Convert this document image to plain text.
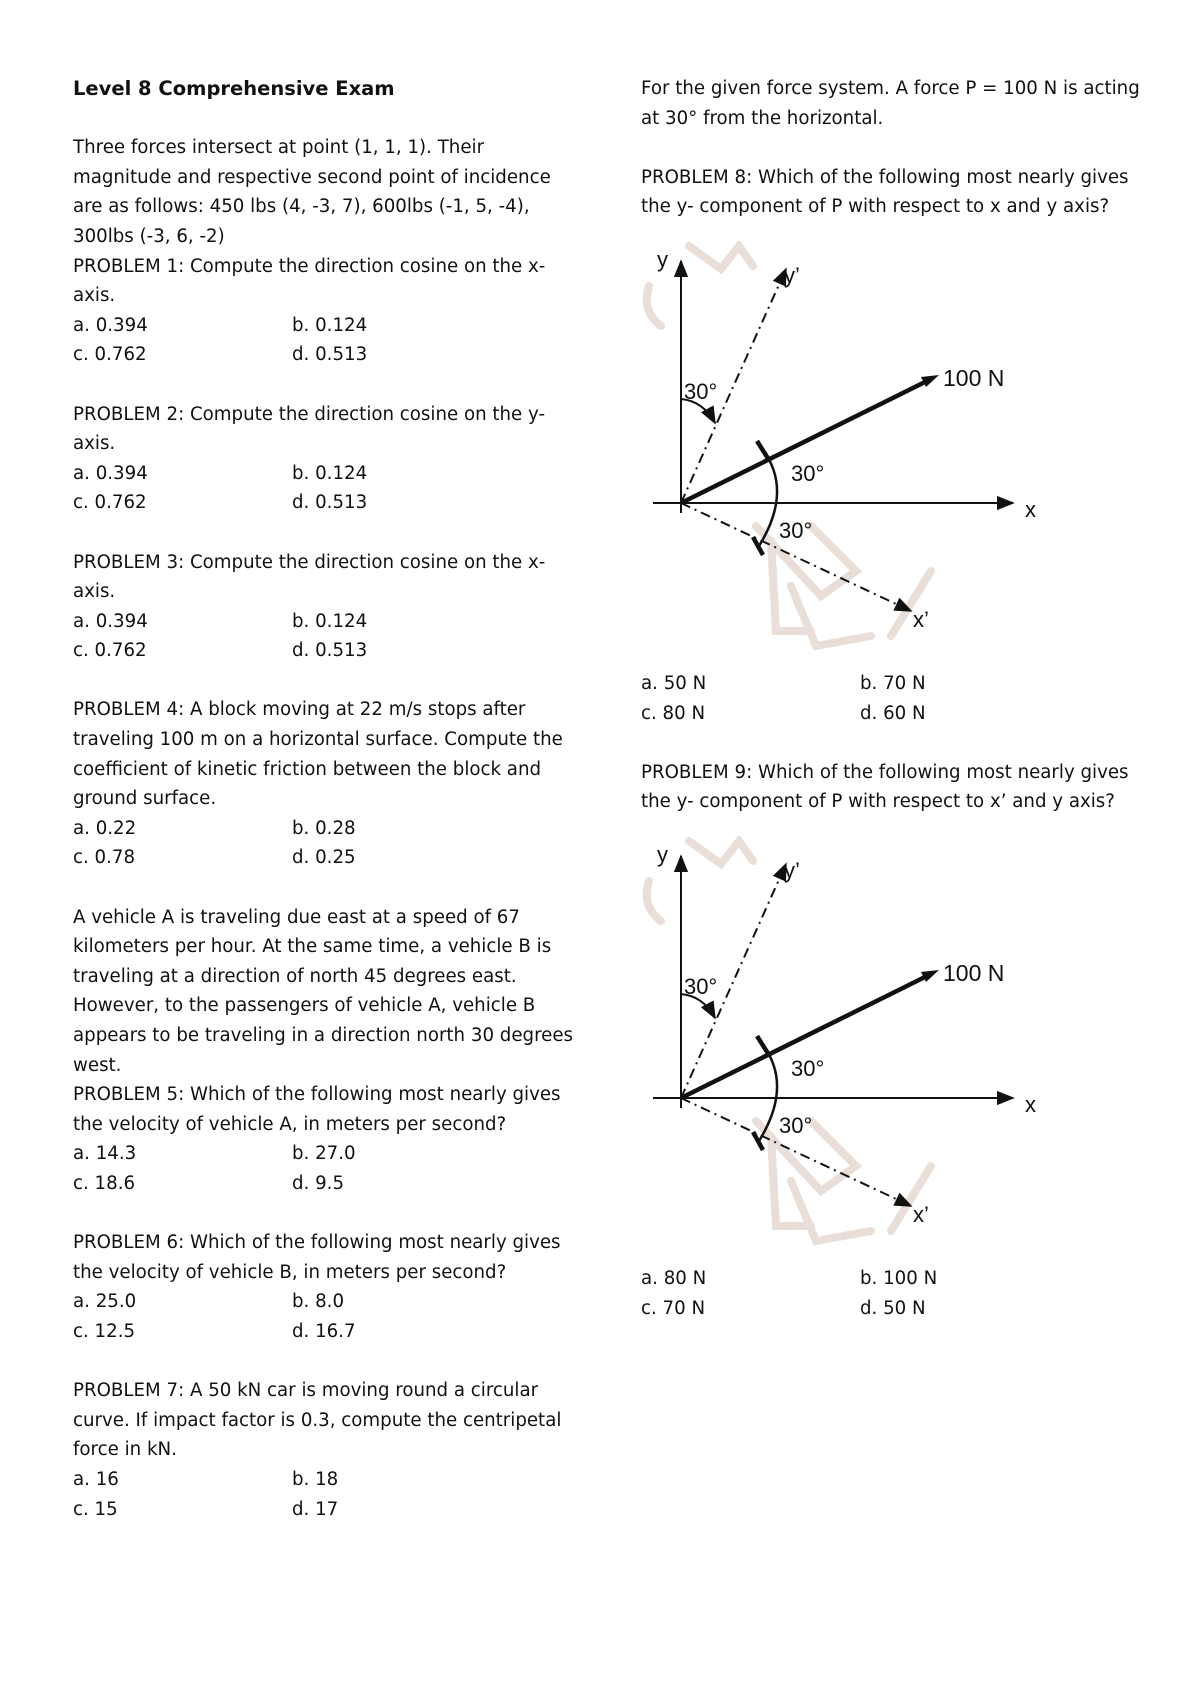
Level 8 Comprehensive Exam

Three forces intersect at point (1, 1, 1). Their magnitude and respective second point of incidence are as follows: 450 lbs (4, -3, 7), 600lbs (-1, 5, -4), 300lbs (-3, 6, -2)

PROBLEM 1: Compute the direction cosine on the x-axis.

a. 0.394	b. 0.124
c. 0.762	d. 0.513

PROBLEM 2: Compute the direction cosine on the y-axis.

a. 0.394	b. 0.124
c. 0.762	d. 0.513

PROBLEM 3: Compute the direction cosine on the x-axis.

a. 0.394	b. 0.124
c. 0.762	d. 0.513

PROBLEM 4: A block moving at 22 m/s stops after traveling 100 m on a horizontal surface. Compute the coefficient of kinetic friction between the block and ground surface.

a. 0.22	b. 0.28
c. 0.78	d. 0.25

A vehicle A is traveling due east at a speed of 67 kilometers per hour. At the same time, a vehicle B is traveling at a direction of north 45 degrees east. However, to the passengers of vehicle A, vehicle B appears to be traveling in a direction north 30 degrees west.

PROBLEM 5: Which of the following most nearly gives the velocity of vehicle A, in meters per second?

a. 14.3	b. 27.0
c. 18.6	d. 9.5

PROBLEM 6: Which of the following most nearly gives the velocity of vehicle B, in meters per second?

a. 25.0	b. 8.0
c. 12.5	d. 16.7

PROBLEM 7: A 50 kN car is moving round a circular curve. If impact factor is 0.3, compute the centripetal force in kN.

a. 16	b. 18
c. 15	d. 17

For the given force system. A force P = 100 N is acting at 30° from the horizontal.

PROBLEM 8: Which of the following most nearly gives the y- component of P with respect to x and y axis?

y
x
y’
x’
100 N
30°
30°
30°
a. 50 N	b. 70 N
c. 80 N	d. 60 N

PROBLEM 9: Which of the following most nearly gives the y- component of P with respect to x’ and y axis?

y
x
y’
x’
100 N
30°
30°
30°
a. 80 N	b. 100 N
c. 70 N	d. 50 N
